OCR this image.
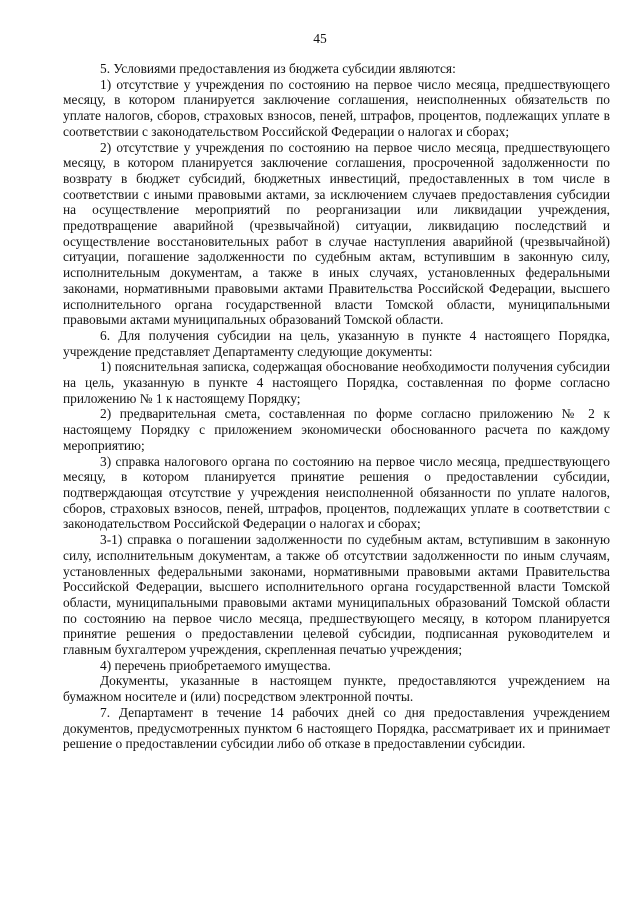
45

5. Условиями предоставления из бюджета субсидии являются:

1) отсутствие у учреждения по состоянию на первое число месяца, предшествующего месяцу, в котором планируется заключение соглашения, неисполненных обязательств по уплате налогов, сборов, страховых взносов, пеней, штрафов, процентов, подлежащих уплате в соответствии с законодательством Российской Федерации о налогах и сборах;

2) отсутствие у учреждения по состоянию на первое число месяца, предшествующего месяцу, в котором планируется заключение соглашения, просроченной задолженности по возврату в бюджет субсидий, бюджетных инвестиций, предоставленных в том числе в соответствии с иными правовыми актами, за исключением случаев предоставления субсидии на осуществление мероприятий по реорганизации или ликвидации учреждения, предотвращение аварийной (чрезвычайной) ситуации, ликвидацию последствий и осуществление восстановительных работ в случае наступления аварийной (чрезвычайной) ситуации, погашение задолженности по судебным актам, вступившим в законную силу, исполнительным документам, а также в иных случаях, установленных федеральными законами, нормативными правовыми актами Правительства Российской Федерации, высшего исполнительного органа государственной власти Томской области, муниципальными правовыми актами муниципальных образований Томской области.

6. Для получения субсидии на цель, указанную в пункте 4 настоящего Порядка, учреждение представляет Департаменту следующие документы:

1) пояснительная записка, содержащая обоснование необходимости получения субсидии на цель, указанную в пункте 4 настоящего Порядка, составленная по форме согласно приложению № 1 к настоящему Порядку;

2) предварительная смета, составленная по форме согласно приложению № 2 к настоящему Порядку с приложением экономически обоснованного расчета по каждому мероприятию;

3) справка налогового органа по состоянию на первое число месяца, предшествующего месяцу, в котором планируется принятие решения о предоставлении субсидии, подтверждающая отсутствие у учреждения неисполненной обязанности по уплате налогов, сборов, страховых взносов, пеней, штрафов, процентов, подлежащих уплате в соответствии с законодательством Российской Федерации о налогах и сборах;

3-1) справка о погашении задолженности по судебным актам, вступившим в законную силу, исполнительным документам, а также об отсутствии задолженности по иным случаям, установленных федеральными законами, нормативными правовыми актами Правительства Российской Федерации, высшего исполнительного органа государственной власти Томской области, муниципальными правовыми актами муниципальных образований Томской области по состоянию на первое число месяца, предшествующего месяцу, в котором планируется принятие решения о предоставлении целевой субсидии, подписанная руководителем и главным бухгалтером учреждения, скрепленная печатью учреждения;

4) перечень приобретаемого имущества.

Документы, указанные в настоящем пункте, предоставляются учреждением на бумажном носителе и (или) посредством электронной почты.

7. Департамент в течение 14 рабочих дней со дня предоставления учреждением документов, предусмотренных пунктом 6 настоящего Порядка, рассматривает их и принимает решение о предоставлении субсидии либо об отказе в предоставлении субсидии.
